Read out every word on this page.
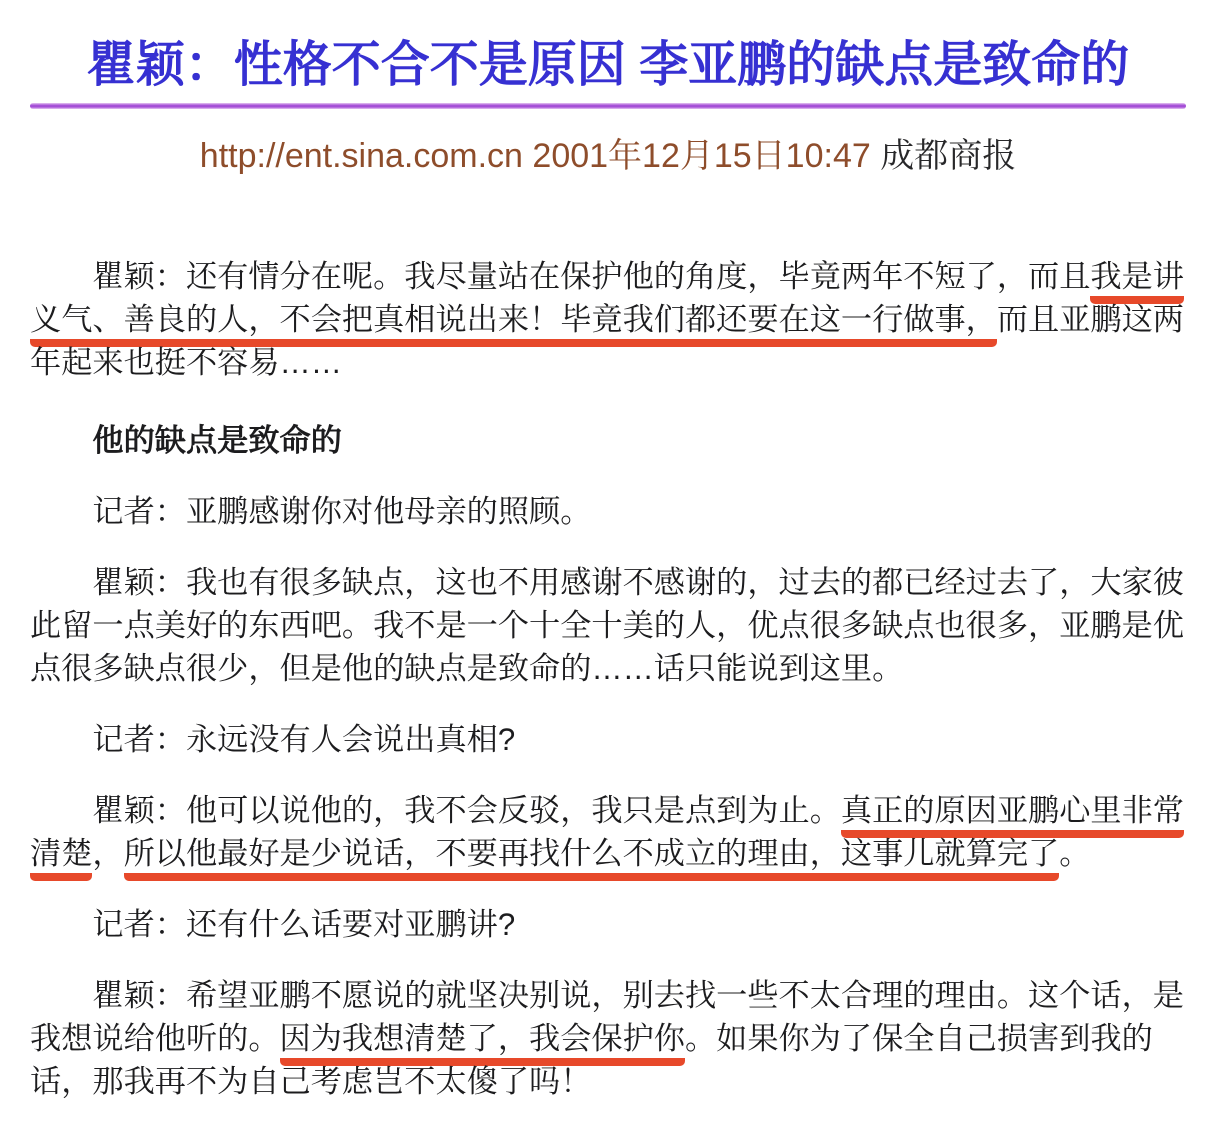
瞿颖：性格不合不是原因 李亚鹏的缺点是致命的

http://ent.sina.com.cn 2001年12月15日10:47 成都商报

瞿颖：还有情分在呢。我尽量站在保护他的角度，毕竟两年不短了，而且我是讲义气、善良的人，不会把真相说出来！毕竟我们都还要在这一行做事，而且亚鹏这两年起来也挺不容易……

他的缺点是致命的

记者：亚鹏感谢你对他母亲的照顾。

瞿颖：我也有很多缺点，这也不用感谢不感谢的，过去的都已经过去了，大家彼此留一点美好的东西吧。我不是一个十全十美的人，优点很多缺点也很多，亚鹏是优点很多缺点很少，但是他的缺点是致命的……话只能说到这里。

记者：永远没有人会说出真相?

瞿颖：他可以说他的，我不会反驳，我只是点到为止。真正的原因亚鹏心里非常清楚，所以他最好是少说话，不要再找什么不成立的理由，这事儿就算完了。

记者：还有什么话要对亚鹏讲?

瞿颖：希望亚鹏不愿说的就坚决别说，别去找一些不太合理的理由。这个话，是我想说给他听的。因为我想清楚了，我会保护你。如果你为了保全自己损害到我的话，那我再不为自己考虑岂不太傻了吗！
